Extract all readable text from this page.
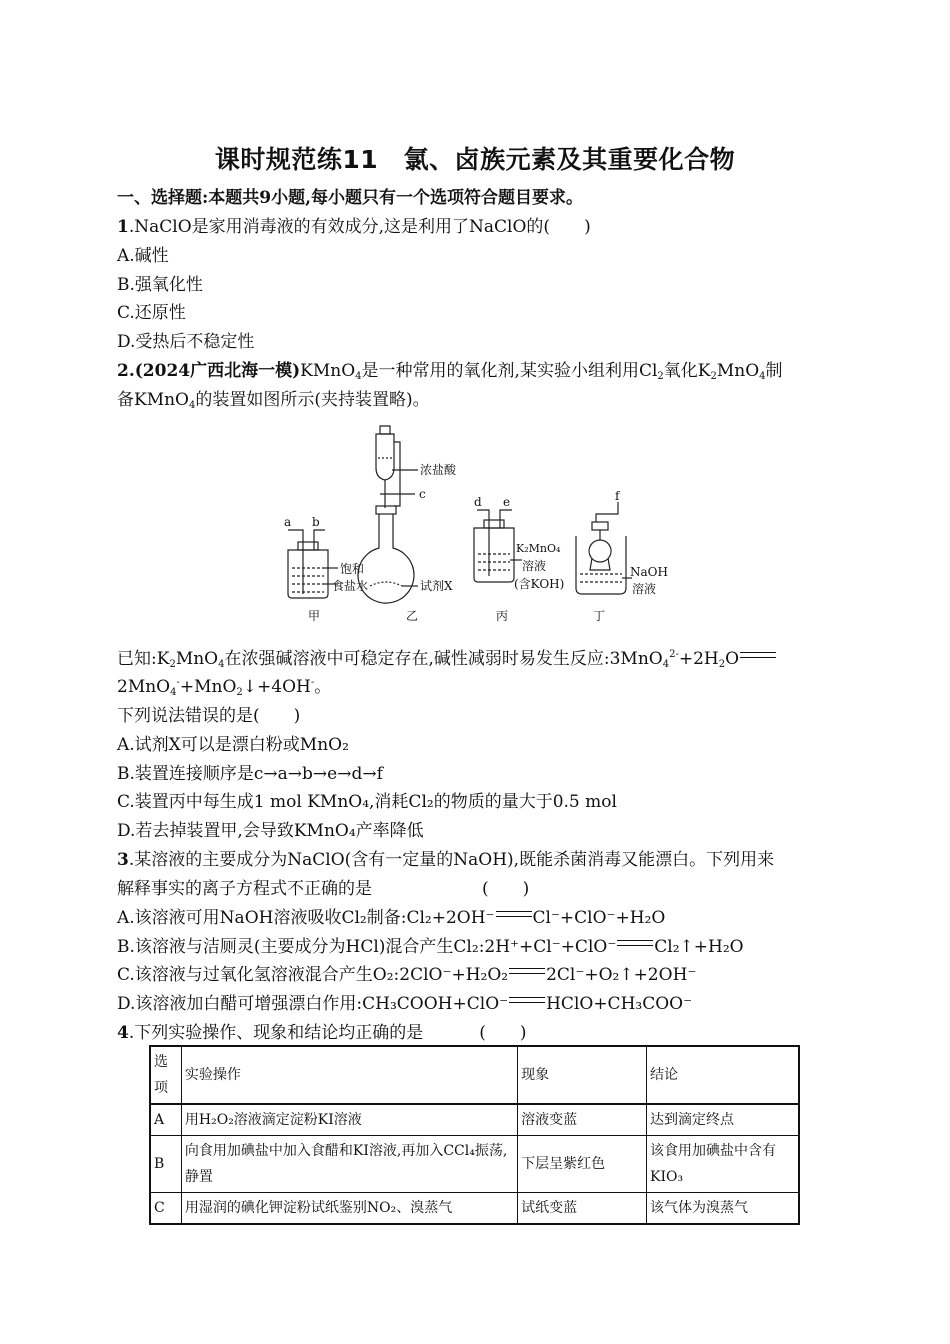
课时规范练11　氯、卤族元素及其重要化合物
一、选择题:本题共9小题,每小题只有一个选项符合题目要求。
1.NaClO是家用消毒液的有效成分,这是利用了NaClO的(　　)
A.碱性
B.强氧化性
C.还原性
D.受热后不稳定性
2.(2024广西北海一模)KMnO$_4$是一种常用的氧化剂,某实验小组利用$Cl_2$氧化$K_2MnO_4$制
备KMnO$_4$的装置如图所示(夹持装置略)。
a b
饱和
食盐水
甲
浓盐酸
c
试剂X
乙
d e
K₂MnO₄
溶液
(含KOH)
丙
f
NaOH
溶液
丁
已知$:K_2MnO_4$在浓强碱溶液中可稳定存在,碱性减弱时易发生反应$:3MnO_4^{2-}+2H_2O$
2MnO$_4$-+MnO$_2$↓+4OH-。
下列说法错误的是(　　)
A.试剂X可以是漂白粉或MnO₂
B.装置连接顺序是c→a→b→e→d→f
C.装置丙中每生成1 mol KMnO₄,消耗Cl₂的物质的量大于0.5 mol
D.若去掉装置甲,会导致KMnO₄产率降低
3.某溶液的主要成分为NaClO(含有一定量的NaOH),既能杀菌消毒又能漂白。下列用来
解释事实的离子方程式不正确的是	(　　)
A.该溶液可用NaOH溶液吸收Cl₂制备:Cl₂+2OH⁻ Cl⁻+ClO⁻+H₂O
B.该溶液与洁厕灵(主要成分为HCl)混合产生Cl₂:2H⁺+Cl⁻+ClO⁻ Cl₂↑+H₂O
C.该溶液与过氧化氢溶液混合产生O₂:2ClO⁻+H₂O₂ 2Cl⁻+O₂↑+2OH⁻
D.该溶液加白醋可增强漂白作用:CH₃COOH+ClO⁻ HClO+CH₃COO⁻
4.下列实验操作、现象和结论均正确的是	(　　)
选项	实验操作	现象	结论
A	用H₂O₂溶液滴定淀粉KI溶液	溶液变蓝	达到滴定终点
B	向食用加碘盐中加入食醋和KI溶液,再加入CCl₄振荡,静置	下层呈紫红色	该食用加碘盐中含有KIO₃
C	用湿润的碘化钾淀粉试纸鉴别NO₂、溴蒸气	试纸变蓝	该气体为溴蒸气
